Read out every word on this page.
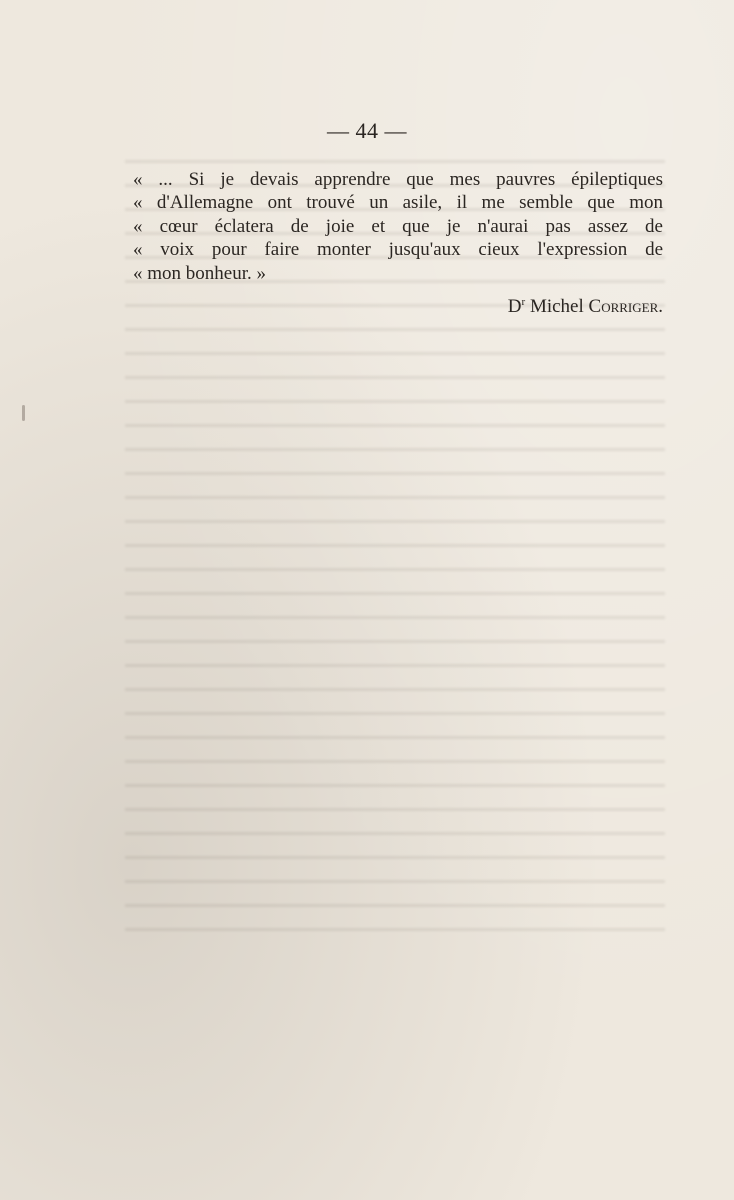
— 44 —
« ... Si je devais apprendre que mes pauvres épileptiques
« d'Allemagne ont trouvé un asile, il me semble que mon
« cœur éclatera de joie et que je n'aurai pas assez de
« voix pour faire monter jusqu'aux cieux l'expression de
« mon bonheur. »
$D^r$ Michel Corriger.
